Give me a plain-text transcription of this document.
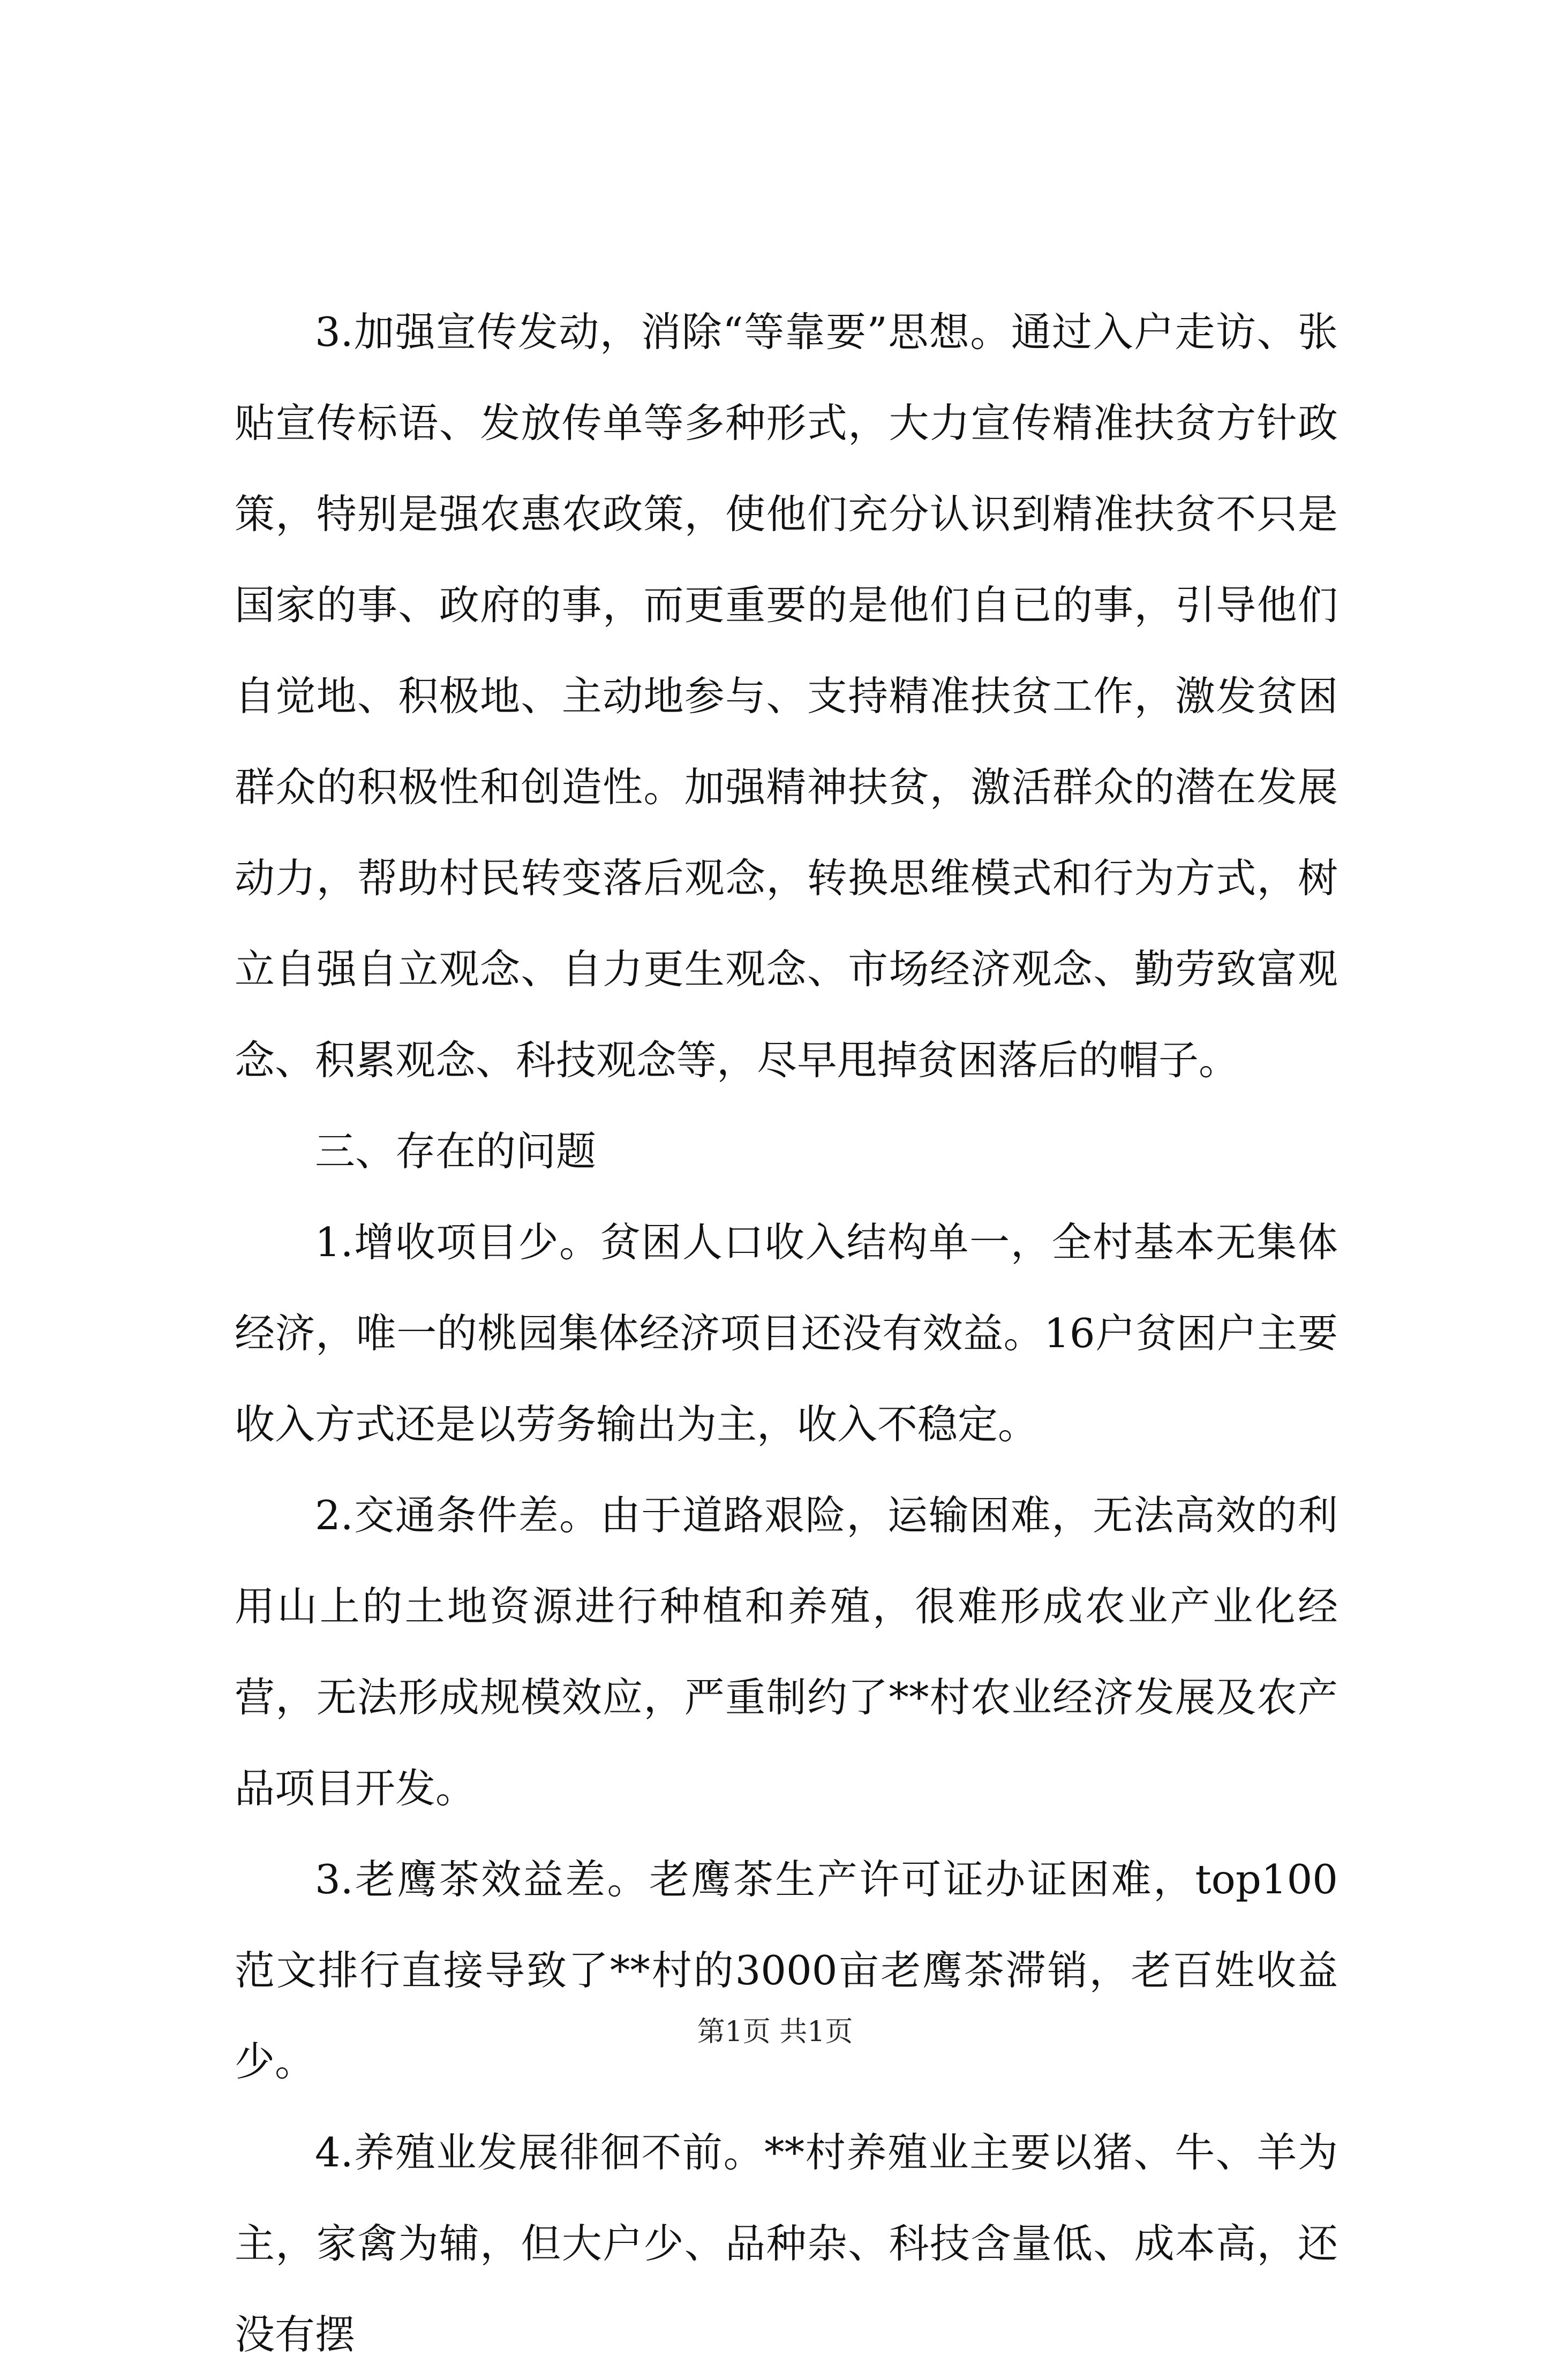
3.加强宣传发动，消除“等靠要”思想。通过入户走访、张贴宣传标语、发放传单等多种形式，大力宣传精准扶贫方针政策，特别是强农惠农政策，使他们充分认识到精准扶贫不只是国家的事、政府的事，而更重要的是他们自已的事，引导他们自觉地、积极地、主动地参与、支持精准扶贫工作，激发贫困群众的积极性和创造性。加强精神扶贫，激活群众的潜在发展动力，帮助村民转变落后观念，转换思维模式和行为方式，树立自强自立观念、自力更生观念、市场经济观念、勤劳致富观念、积累观念、科技观念等，尽早甩掉贫困落后的帽子。

三、存在的问题

1.增收项目少。贫困人口收入结构单一，全村基本无集体经济，唯一的桃园集体经济项目还没有效益。16户贫困户主要收入方式还是以劳务输出为主，收入不稳定。

2.交通条件差。由于道路艰险，运输困难，无法高效的利用山上的土地资源进行种植和养殖，很难形成农业产业化经营，无法形成规模效应，严重制约了**村农业经济发展及农产品项目开发。

3.老鹰茶效益差。老鹰茶生产许可证办证困难，top100范文排行直接导致了**村的3000亩老鹰茶滞销，老百姓收益少。

4.养殖业发展徘徊不前。**村养殖业主要以猪、牛、羊为主，家禽为辅，但大户少、品种杂、科技含量低、成本高，还没有摆

第1页 共1页
